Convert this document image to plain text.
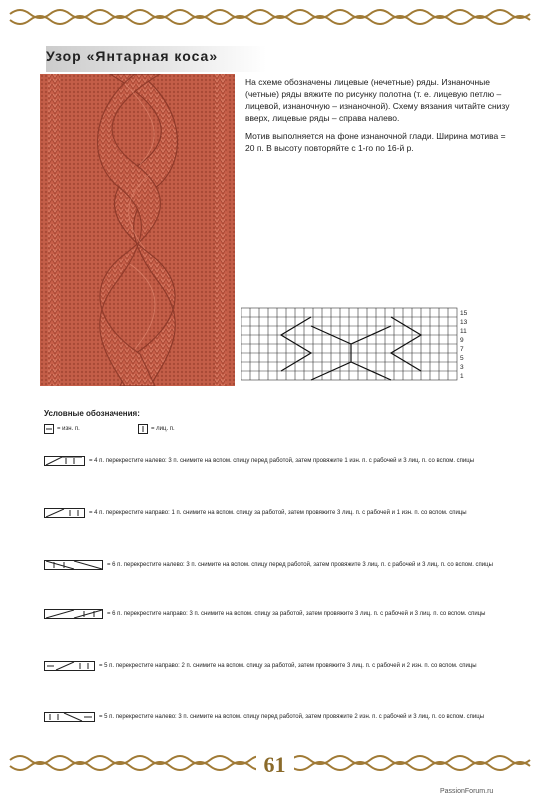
Узор «Янтарная коса»

На схеме обозначены лицевые (нечетные) ряды. Изнаночные (четные) ряды вяжите по рисунку полотна (т. е. лицевую петлю – лицевой, изнаночную – изнаночной). Схему вязания читайте снизу вверх, лицевые ряды – справа налево.

Мотив выполняется на фоне изнаночной глади. Ширина мотива = 20 п. В высоту повторяйте с 1-го по 16-й р.

15
13
11
9
7
5
3
1
Условные обозначения:
= изн. п.	= лиц. п.
= 4 п. перекрестите налево: 3 п. снимите на вспом. спицу перед работой, затем провяжите 1 изн. п. с рабочей и 3 лиц. п. со вспом. спицы
= 4 п. перекрестите направо: 1 п. снимите на вспом. спицу за работой, затем провяжите 3 лиц. п. с рабочей и 1 изн. п. со вспом. спицы
= 6 п. перекрестите налево: 3 п. снимите на вспом. спицу перед работой, затем провяжите 3 лиц. п. с рабочей и 3 лиц. п. со вспом. спицы
= 6 п. перекрестите направо: 3 п. снимите на вспом. спицу за работой, затем провяжите 3 лиц. п. с рабочей и 3 лиц. п. со вспом. спицы
= 5 п. перекрестите направо: 2 п. снимите на вспом. спицу за работой, затем провяжите 3 лиц. п. с рабочей и 2 изн. п. со вспом. спицы
= 5 п. перекрестите налево: 3 п. снимите на вспом. спицу перед работой, затем провяжите 2 изн. п. с рабочей и 3 лиц. п. со вспом. спицы
61
PassionForum.ru
